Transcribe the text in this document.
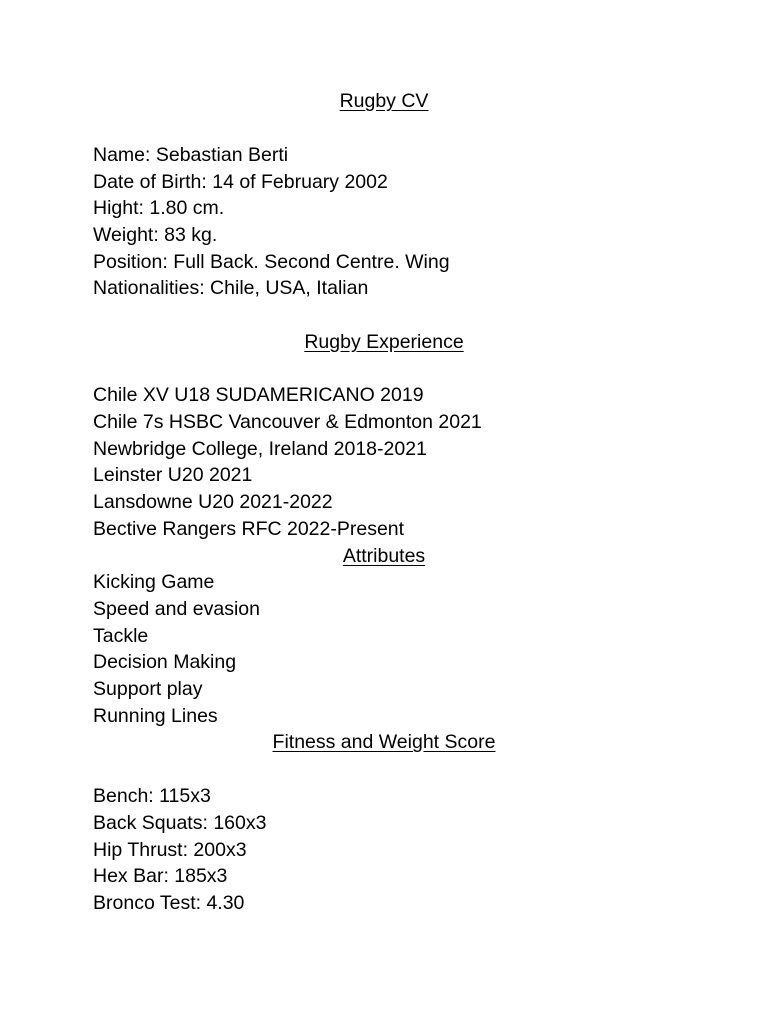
Rugby CV
Name: Sebastian Berti
Date of Birth: 14 of February 2002
Hight: 1.80 cm.
Weight: 83 kg.
Position: Full Back. Second Centre. Wing
Nationalities: Chile, USA, Italian
Rugby Experience
Chile XV U18 SUDAMERICANO 2019
Chile 7s HSBC Vancouver & Edmonton 2021
Newbridge College, Ireland 2018-2021
Leinster U20 2021
Lansdowne U20 2021-2022
Bective Rangers RFC 2022-Present
Attributes
Kicking Game
Speed and evasion
Tackle
Decision Making
Support play
Running Lines
Fitness and Weight Score
Bench: 115x3
Back Squats: 160x3
Hip Thrust: 200x3
Hex Bar: 185x3
Bronco Test: 4.30
